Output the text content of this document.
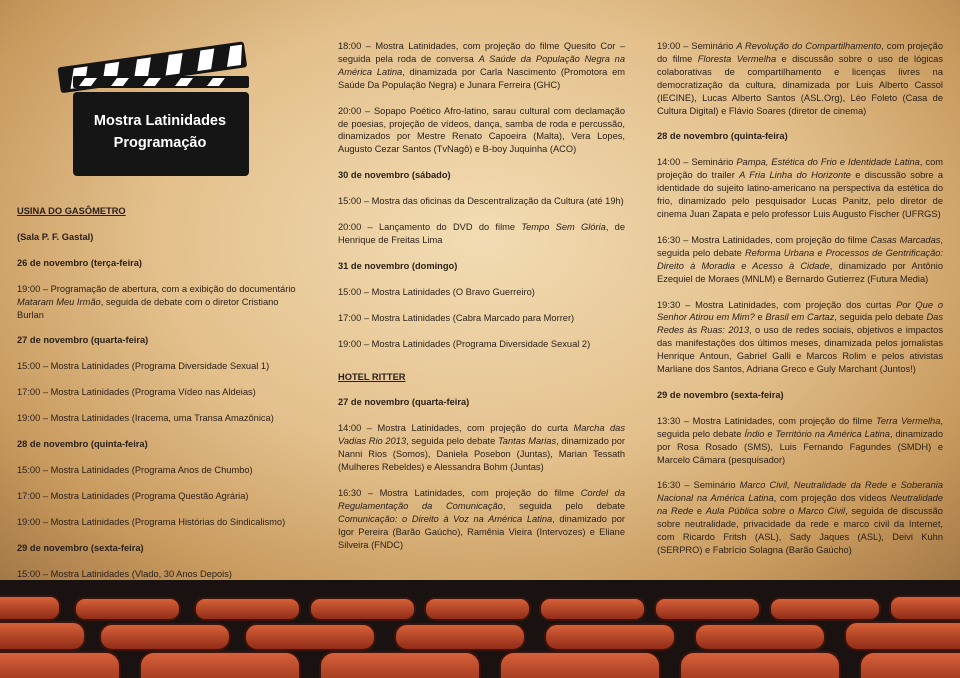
Mostra Latinidades
Programação

USINA DO GASÔMETRO

(Sala P. F. Gastal)

26 de novembro (terça-feira)

19:00 – Programação de abertura, com a exibição do documentário Mataram Meu Irmão, seguida de debate com o diretor Cristiano Burlan

27 de novembro (quarta-feira)

15:00 – Mostra Latinidades (Programa Diversidade Sexual 1)

17:00 – Mostra Latinidades (Programa Vídeo nas Aldeias)

19:00 – Mostra Latinidades (Iracema, uma Transa Amazônica)

28 de novembro (quinta-feira)

15:00 – Mostra Latinidades (Programa Anos de Chumbo)

17:00 – Mostra Latinidades (Programa Questão Agrária)

19:00 – Mostra Latinidades (Programa Histórias do Sindicalismo)

29 de novembro (sexta-feira)

15:00 – Mostra Latinidades (Vlado, 30 Anos Depois)

18:00 – Mostra Latinidades, com projeção do filme Quesito Cor – seguida pela roda de conversa A Saúde da População Negra na América Latina, dinamizada por Carla Nascimento (Promotora em Saúde Da População Negra) e Junara Ferreira (GHC)

20:00 – Sopapo Poético Afro-latino, sarau cultural com declamação de poesias, projeção de vídeos, dança, samba de roda e percussão, dinamizados por Mestre Renato Capoeira (Malta), Vera Lopes, Augusto Cezar Santos (TvNagô) e B-boy Juquinha (ACO)

30 de novembro (sábado)

15:00 – Mostra das oficinas da Descentralização da Cultura (até 19h)

20:00 – Lançamento do DVD do filme Tempo Sem Glória, de Henrique de Freitas Lima

31 de novembro (domingo)

15:00 – Mostra Latinidades (O Bravo Guerreiro)

17:00 – Mostra Latinidades (Cabra Marcado para Morrer)

19:00 – Mostra Latinidades (Programa Diversidade Sexual 2)

HOTEL RITTER

27 de novembro (quarta-feira)

14:00 – Mostra Latinidades, com projeção do curta Marcha das Vadias Rio 2013, seguida pelo debate Tantas Marias, dinamizado por Nanni Rios (Somos), Daniela Posebon (Juntas), Marian Tessath (Mulheres Rebeldes) e Alessandra Bohm (Juntas)

16:30 – Mostra Latinidades, com projeção do filme Cordel da Regulamentação da Comunicação, seguida pelo debate Comunicação: o Direito à Voz na América Latina, dinamizado por Igor Pereira (Barão Gaúcho), Ramênia Vieira (Intervozes) e Eliane Silveira (FNDC)

19:00 – Seminário A Revolução do Compartilhamento, com projeção do filme Floresta Vermelha e discussão sobre o uso de lógicas colaborativas de compartilhamento e licenças livres na democratização da cultura, dinamizada por Luis Alberto Cassol (IECINE), Lucas Alberto Santos (ASL.Org), Léo Foleto (Casa de Cultura Digital) e Flávio Soares (diretor de cinema)

28 de novembro (quinta-feira)

14:00 – Seminário Pampa, Estética do Frio e Identidade Latina, com projeção do trailer A Fria Linha do Horizonte e discussão sobre a identidade do sujeito latino-americano na perspectiva da estética do frio, dinamizado pelo pesquisador Lucas Panitz, pelo diretor de cinema Juan Zapata e pelo professor Luis Augusto Fischer (UFRGS)

16:30 – Mostra Latinidades, com projeção do filme Casas Marcadas, seguida pelo debate Reforma Urbana e Processos de Gentrificação: Direito à Moradia e Acesso à Cidade, dinamizado por Antônio Ezequiel de Moraes (MNLM) e Bernardo Gutierrez (Futura Media)

19:30 – Mostra Latinidades, com projeção dos curtas Por Que o Senhor Atirou em Mim? e Brasil em Cartaz, seguida pelo debate Das Redes às Ruas: 2013, o uso de redes sociais, objetivos e impactos das manifestações dos últimos meses, dinamizada pelos jornalistas Henrique Antoun, Gabriel Galli e Marcos Rolim e pelos ativistas Marliane dos Santos, Adriana Greco e Guly Marchant (Juntos!)

29 de novembro (sexta-feira)

13:30 – Mostra Latinidades, com projeção do filme Terra Vermelha, seguida pelo debate Índio e Território na América Latina, dinamizado por Rosa Rosado (SMS), Luis Fernando Fagundes (SMDH) e Marcelo Câmara (pesquisador)

16:30 – Seminário Marco Civil, Neutralidade da Rede e Soberania Nacional na América Latina, com projeção dos vídeos Neutralidade na Rede e Aula Pública sobre o Marco Civil, seguida de discussão sobre neutralidade, privacidade da rede e marco civil da Internet, com Ricardo Fritsh (ASL), Sady Jaques (ASL), Deivi Kuhn (SERPRO) e Fabrício Solagna (Barão Gaúcho)
